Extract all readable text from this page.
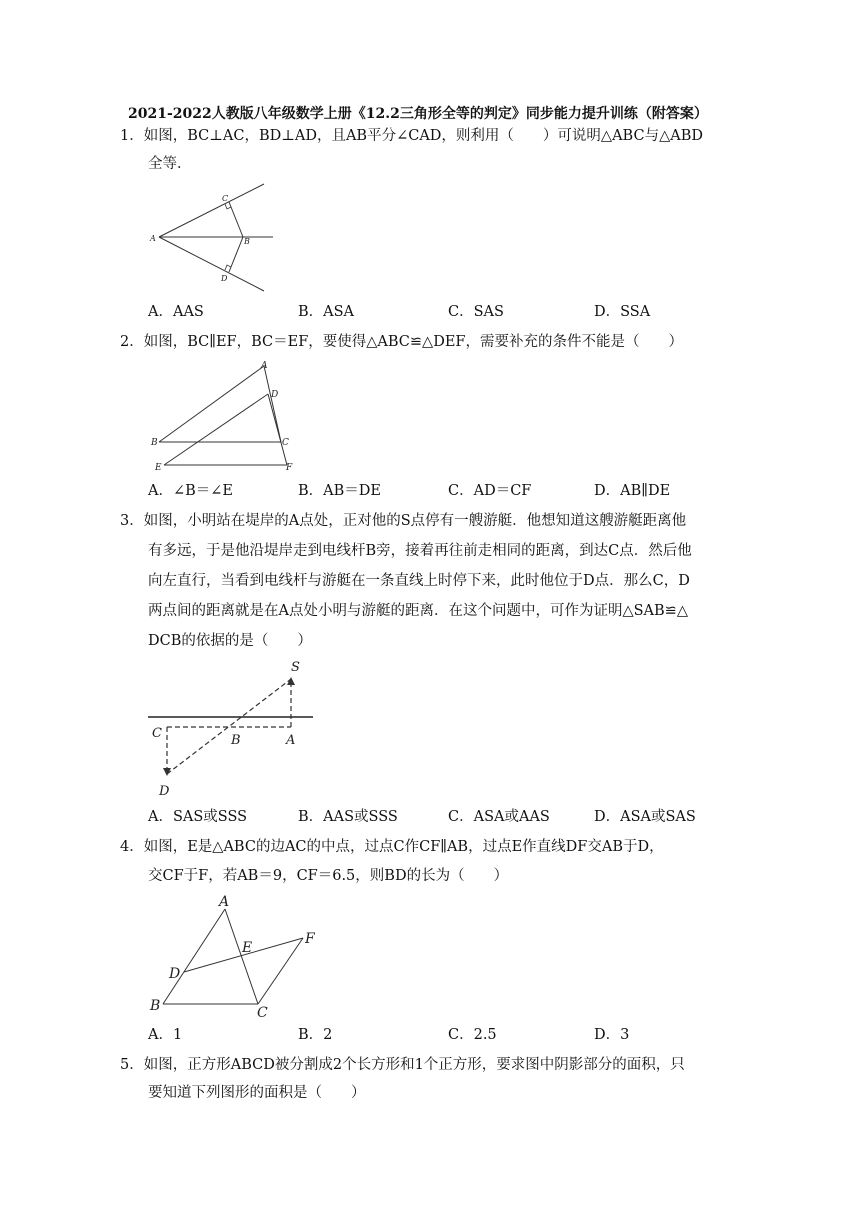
2021-2022人教版八年级数学上册《12.2三角形全等的判定》同步能力提升训练（附答案）
1．如图，BC⊥AC，BD⊥AD，且AB平分∠CAD，则利用（　　）可说明△ABC与△ABD
全等．
A	B
C
D
A．AAS	B．ASA	C．SAS	D．SSA
2．如图，BC∥EF，BC＝EF，要使得△ABC≌△DEF，需要补充的条件不能是（　　）
A
D
B	C
E	F
A．∠B＝∠E	B．AB＝DE	C．AD＝CF	D．AB∥DE
3．如图，小明站在堤岸的A点处，正对他的S点停有一艘游艇．他想知道这艘游艇距离他
有多远，于是他沿堤岸走到电线杆B旁，接着再往前走相同的距离，到达C点．然后他
向左直行，当看到电线杆与游艇在一条直线上时停下来，此时他位于D点．那么C，D
两点间的距离就是在A点处小明与游艇的距离．在这个问题中，可作为证明△SAB≌△
DCB的依据的是（　　）
S
C	B	A
D
A．SAS或SSS	B．AAS或SSS	C．ASA或AAS	D．ASA或SAS
4．如图，E是△ABC的边AC的中点，过点C作CF∥AB，过点E作直线DF交AB于D，
交CF于F，若AB＝9，CF＝6.5，则BD的长为（　　）
A
E
F
D
B	C
A．1	B．2	C．2.5	D．3
5．如图，正方形ABCD被分割成2个长方形和1个正方形，要求图中阴影部分的面积，只
要知道下列图形的面积是（　　）
